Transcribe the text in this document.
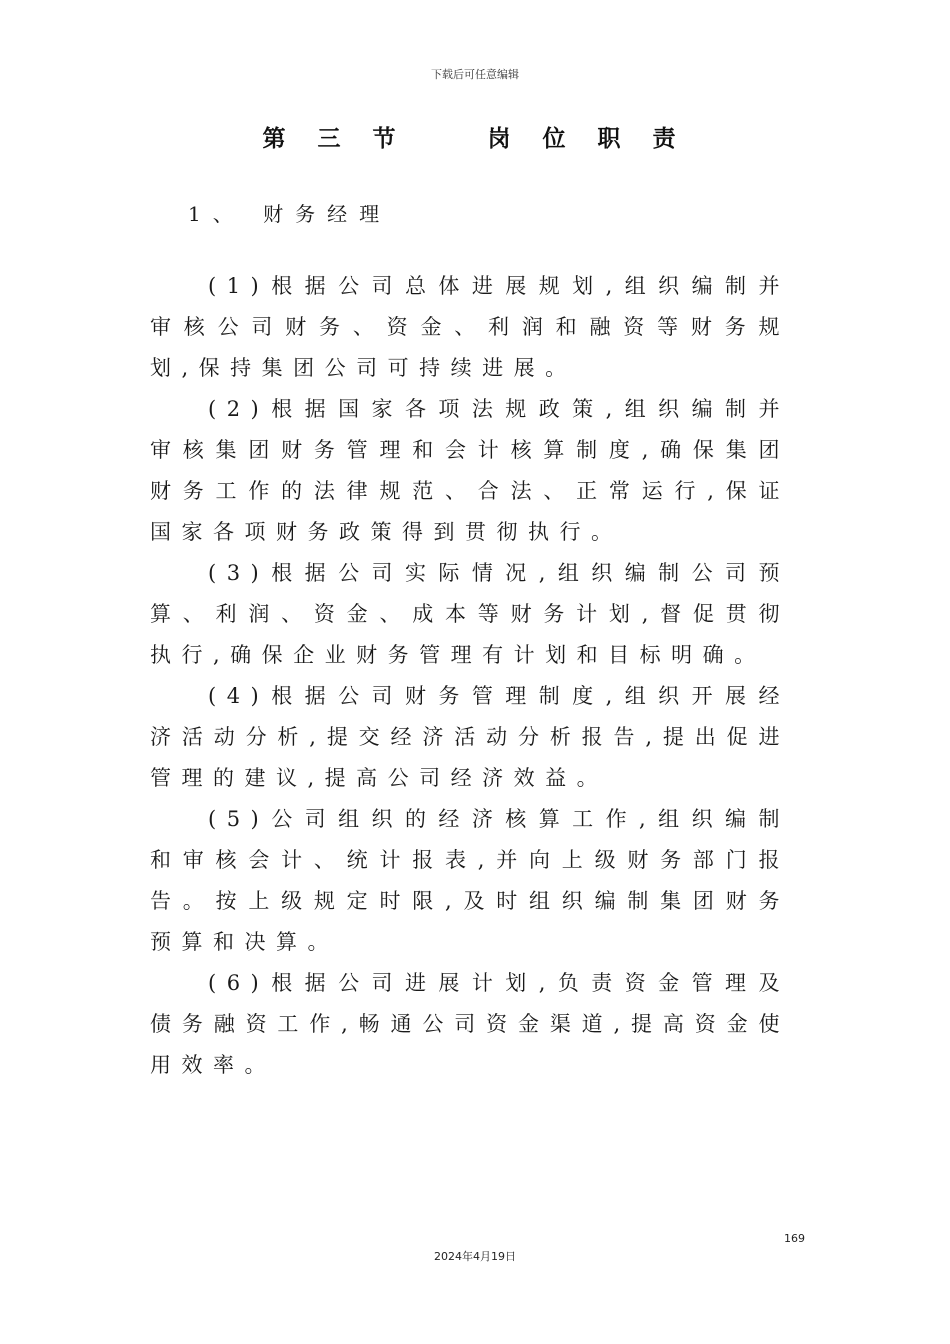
下载后可任意编辑
第 三 节    岗 位 职 责
1、 财务经理

(1)根据公司总体进展规划,组织编制并审核公司财务、资金、利润和融资等财务规划,保持集团公司可持续进展。

(2)根据国家各项法规政策,组织编制并审核集团财务管理和会计核算制度,确保集团财务工作的法律规范、合法、正常运行,保证国家各项财务政策得到贯彻执行。

(3)根据公司实际情况,组织编制公司预算、利润、资金、成本等财务计划,督促贯彻执行,确保企业财务管理有计划和目标明确。

(4)根据公司财务管理制度,组织开展经济活动分析,提交经济活动分析报告,提出促进管理的建议,提高公司经济效益。

(5)公司组织的经济核算工作,组织编制和审核会计、统计报表,并向上级财务部门报告。按上级规定时限,及时组织编制集团财务预算和决算。

(6)根据公司进展计划,负责资金管理及债务融资工作,畅通公司资金渠道,提高资金使用效率。

169
2024年4月19日
